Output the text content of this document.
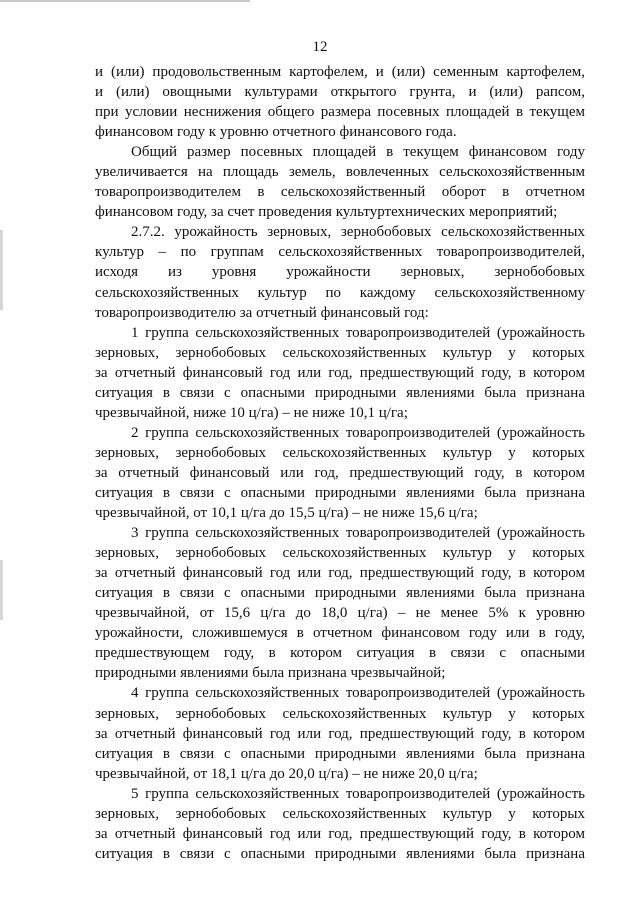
12

и (или) продовольственным картофелем, и (или) семенным картофелем,
и (или) овощными культурами открытого грунта, и (или) рапсом,
при условии неснижения общего размера посевных площадей в текущем
финансовом году к уровню отчетного финансового года.

Общий размер посевных площадей в текущем финансовом году
увеличивается на площадь земель, вовлеченных сельскохозяйственным
товаропроизводителем в сельскохозяйственный оборот в отчетном
финансовом году, за счет проведения культуртехнических мероприятий;

2.7.2. урожайность зерновых, зернобобовых сельскохозяйственных
культур – по группам сельскохозяйственных товаропроизводителей,
исходя из уровня урожайности зерновых, зернобобовых
сельскохозяйственных культур по каждому сельскохозяйственному
товаропроизводителю за отчетный финансовый год:

1 группа сельскохозяйственных товаропроизводителей (урожайность
зерновых, зернобобовых сельскохозяйственных культур у которых
за отчетный финансовый год или год, предшествующий году, в котором
ситуация в связи с опасными природными явлениями была признана
чрезвычайной, ниже 10 ц/га) – не ниже 10,1 ц/га;

2 группа сельскохозяйственных товаропроизводителей (урожайность
зерновых, зернобобовых сельскохозяйственных культур у которых
за отчетный финансовый или год, предшествующий году, в котором
ситуация в связи с опасными природными явлениями была признана
чрезвычайной, от 10,1 ц/га до 15,5 ц/га) – не ниже 15,6 ц/га;

3 группа сельскохозяйственных товаропроизводителей (урожайность
зерновых, зернобобовых сельскохозяйственных культур у которых
за отчетный финансовый год или год, предшествующий году, в котором
ситуация в связи с опасными природными явлениями была признана
чрезвычайной, от 15,6 ц/га до 18,0 ц/га) – не менее 5% к уровню
урожайности, сложившемуся в отчетном финансовом году или в году,
предшествующем году, в котором ситуация в связи с опасными
природными явлениями была признана чрезвычайной;

4 группа сельскохозяйственных товаропроизводителей (урожайность
зерновых, зернобобовых сельскохозяйственных культур у которых
за отчетный финансовый год или год, предшествующий году, в котором
ситуация в связи с опасными природными явлениями была признана
чрезвычайной, от 18,1 ц/га до 20,0 ц/га) – не ниже 20,0 ц/га;

5 группа сельскохозяйственных товаропроизводителей (урожайность
зерновых, зернобобовых сельскохозяйственных культур у которых
за отчетный финансовый год или год, предшествующий году, в котором
ситуация в связи с опасными природными явлениями была признана
